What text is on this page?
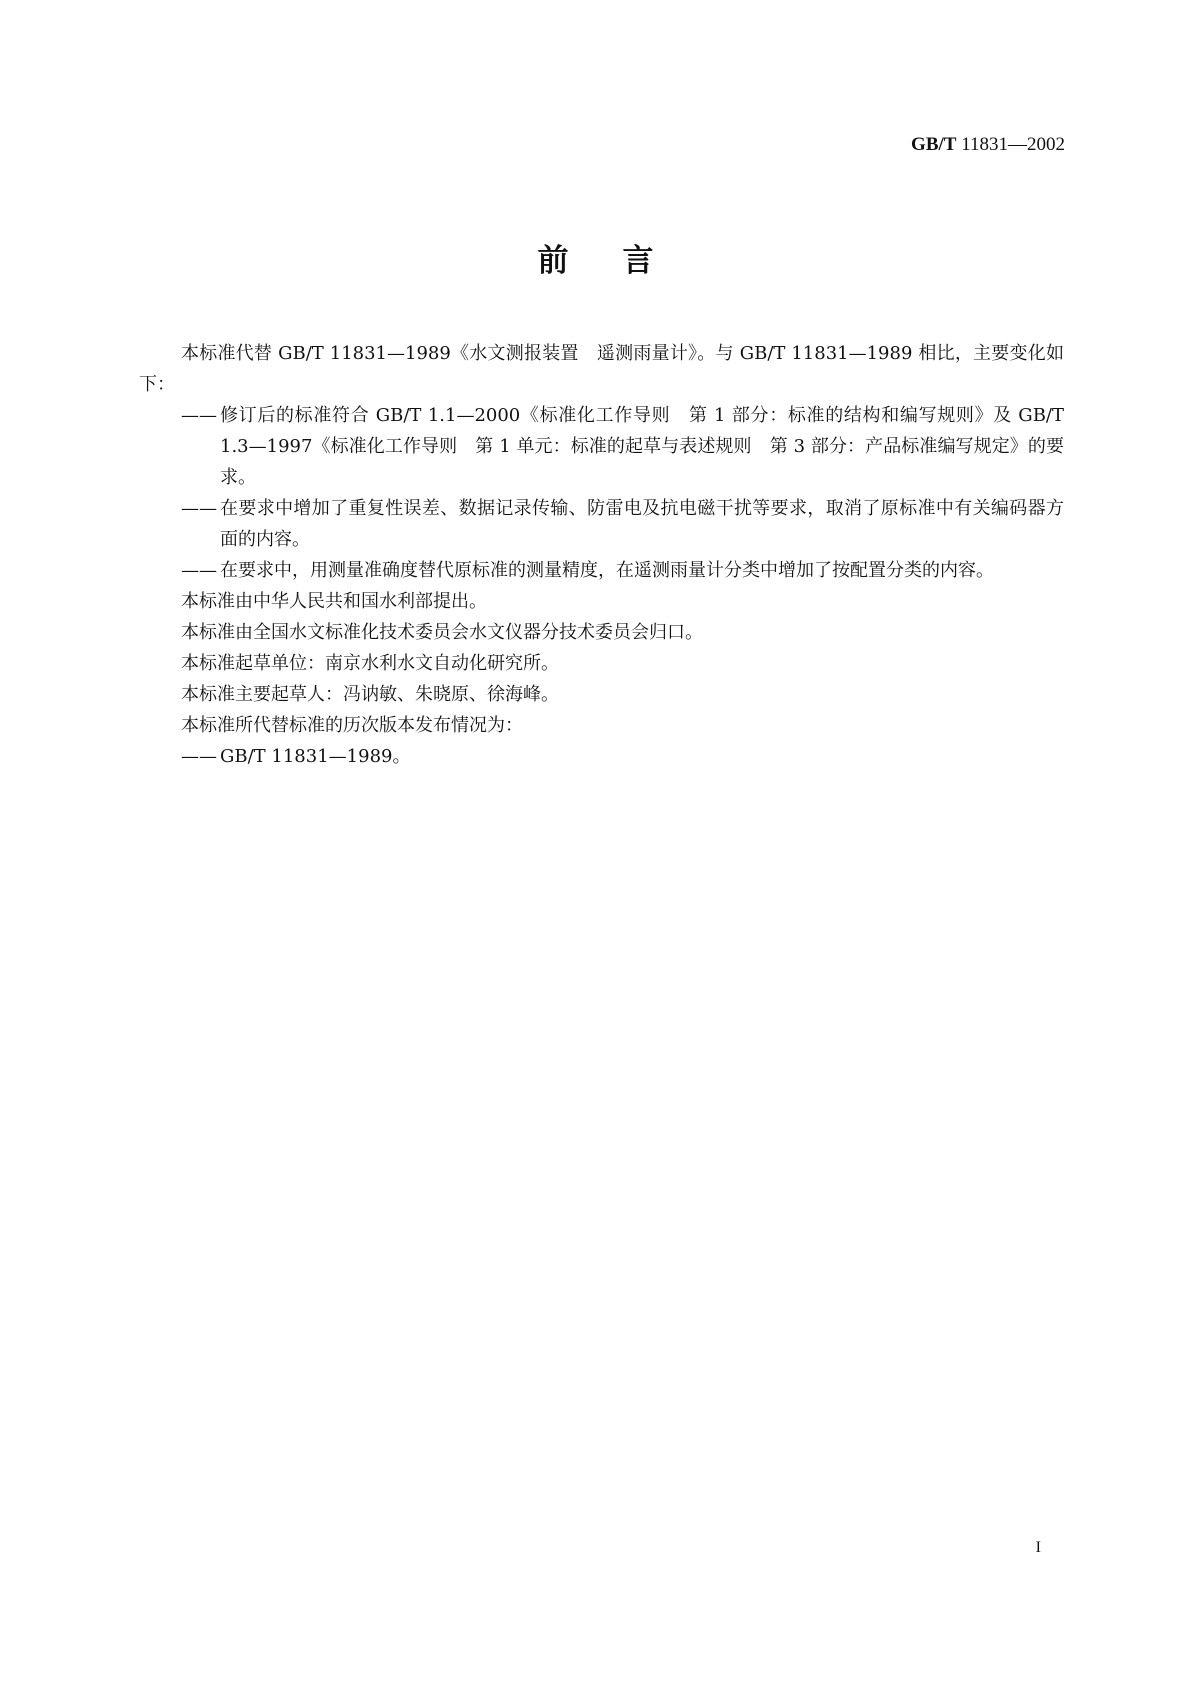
GB/T 11831—2002
前言

本标准代替 GB/T 11831—1989《水文测报装置　遥测雨量计》。与 GB/T 11831—1989 相比，主要变化如下：

—— 修订后的标准符合 GB/T 1.1—2000《标准化工作导则　第 1 部分：标准的结构和编写规则》及 GB/T 1.3—1997《标准化工作导则　第 1 单元：标准的起草与表述规则　第 3 部分：产品标准编写规定》的要求。
—— 在要求中增加了重复性误差、数据记录传输、防雷电及抗电磁干扰等要求，取消了原标准中有关编码器方面的内容。
—— 在要求中，用测量准确度替代原标准的测量精度，在遥测雨量计分类中增加了按配置分类的内容。

本标准由中华人民共和国水利部提出。

本标准由全国水文标准化技术委员会水文仪器分技术委员会归口。

本标准起草单位：南京水利水文自动化研究所。

本标准主要起草人：冯讷敏、朱晓原、徐海峰。

本标准所代替标准的历次版本发布情况为：

—— GB/T 11831—1989。
I
